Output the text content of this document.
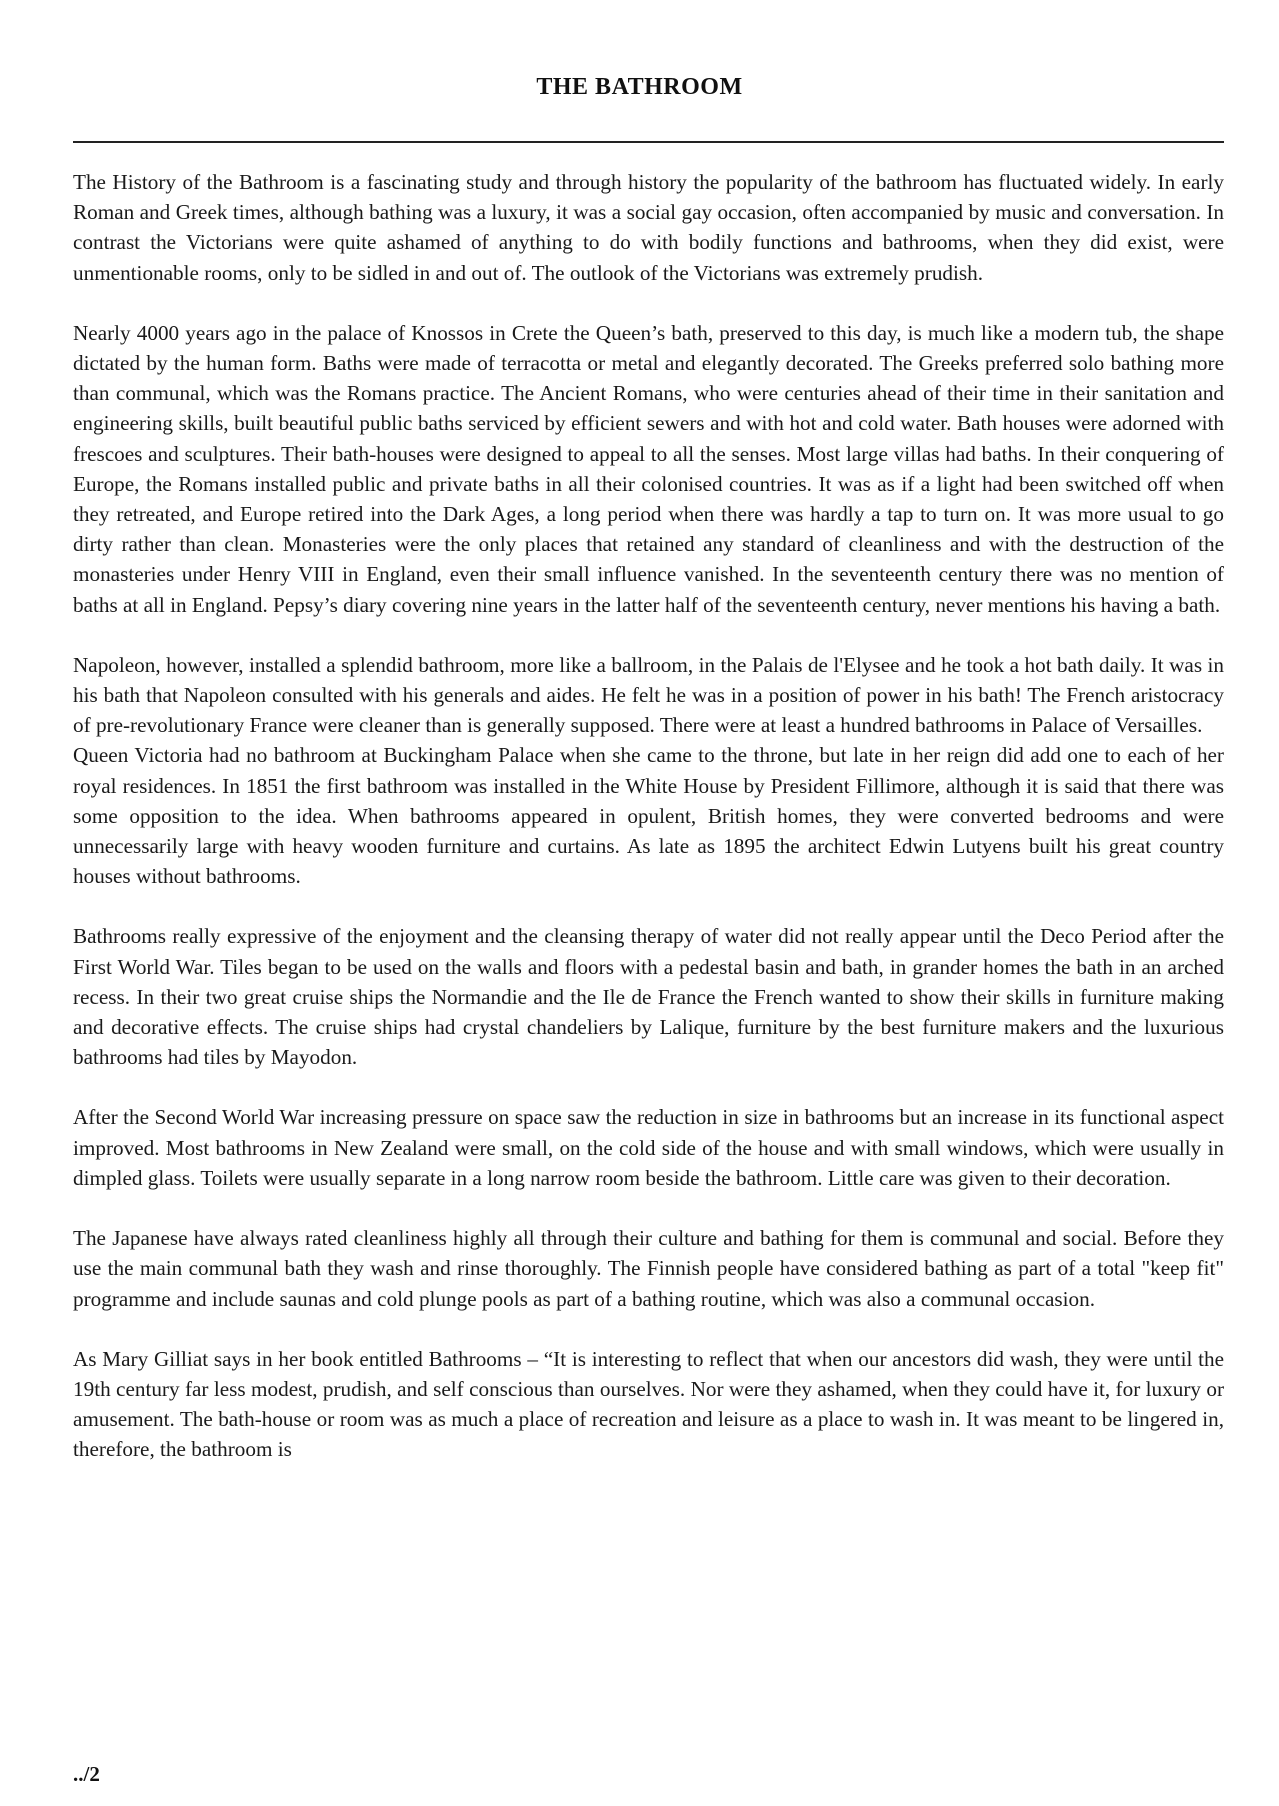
THE BATHROOM

The History of the Bathroom is a fascinating study and through history the popularity of the bathroom has fluctuated widely. In early Roman and Greek times, although bathing was a luxury, it was a social gay occasion, often accompanied by music and conversation. In contrast the Victorians were quite ashamed of anything to do with bodily functions and bathrooms, when they did exist, were unmentionable rooms, only to be sidled in and out of. The outlook of the Victorians was extremely prudish.

Nearly 4000 years ago in the palace of Knossos in Crete the Queen’s bath, preserved to this day, is much like a modern tub, the shape dictated by the human form. Baths were made of terracotta or metal and elegantly decorated. The Greeks preferred solo bathing more than communal, which was the Romans practice. The Ancient Romans, who were centuries ahead of their time in their sanitation and engineering skills, built beautiful public baths serviced by efficient sewers and with hot and cold water. Bath houses were adorned with frescoes and sculptures. Their bath-houses were designed to appeal to all the senses. Most large villas had baths. In their conquering of Europe, the Romans installed public and private baths in all their colonised countries. It was as if a light had been switched off when they retreated, and Europe retired into the Dark Ages, a long period when there was hardly a tap to turn on. It was more usual to go dirty rather than clean. Monasteries were the only places that retained any standard of cleanliness and with the destruction of the monasteries under Henry VIII in England, even their small influence vanished. In the seventeenth century there was no mention of baths at all in England. Pepsy’s diary covering nine years in the latter half of the seventeenth century, never mentions his having a bath.

Napoleon, however, installed a splendid bathroom, more like a ballroom, in the Palais de l'Elysee and he took a hot bath daily. It was in his bath that Napoleon consulted with his generals and aides. He felt he was in a position of power in his bath! The French aristocracy of pre-revolutionary France were cleaner than is generally supposed. There were at least a hundred bathrooms in Palace of Versailles.

Queen Victoria had no bathroom at Buckingham Palace when she came to the throne, but late in her reign did add one to each of her royal residences. In 1851 the first bathroom was installed in the White House by President Fillimore, although it is said that there was some opposition to the idea. When bathrooms appeared in opulent, British homes, they were converted bedrooms and were unnecessarily large with heavy wooden furniture and curtains. As late as 1895 the architect Edwin Lutyens built his great country houses without bathrooms.

Bathrooms really expressive of the enjoyment and the cleansing therapy of water did not really appear until the Deco Period after the First World War. Tiles began to be used on the walls and floors with a pedestal basin and bath, in grander homes the bath in an arched recess. In their two great cruise ships the Normandie and the Ile de France the French wanted to show their skills in furniture making and decorative effects. The cruise ships had crystal chandeliers by Lalique, furniture by the best furniture makers and the luxurious bathrooms had tiles by Mayodon.

After the Second World War increasing pressure on space saw the reduction in size in bathrooms but an increase in its functional aspect improved. Most bathrooms in New Zealand were small, on the cold side of the house and with small windows, which were usually in dimpled glass. Toilets were usually separate in a long narrow room beside the bathroom. Little care was given to their decoration.

The Japanese have always rated cleanliness highly all through their culture and bathing for them is communal and social. Before they use the main communal bath they wash and rinse thoroughly. The Finnish people have considered bathing as part of a total "keep fit" programme and include saunas and cold plunge pools as part of a bathing routine, which was also a communal occasion.

As Mary Gilliat says in her book entitled Bathrooms – “It is interesting to reflect that when our ancestors did wash, they were until the 19th century far less modest, prudish, and self conscious than ourselves. Nor were they ashamed, when they could have it, for luxury or amusement. The bath-house or room was as much a place of recreation and leisure as a place to wash in. It was meant to be lingered in, therefore, the bathroom is

../2
